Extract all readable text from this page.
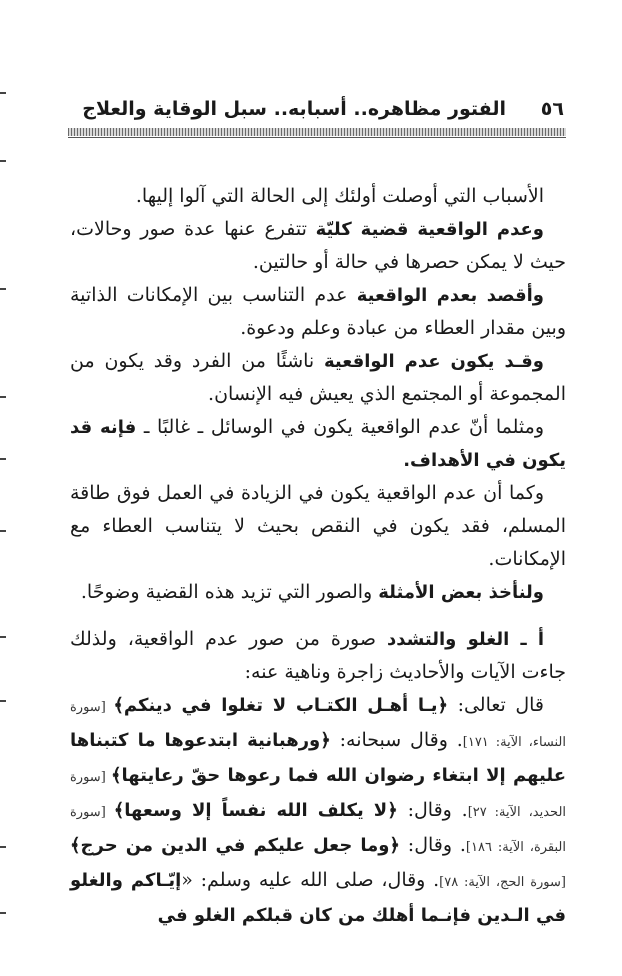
٥٦
الفتور مظاهره.. أسبابه.. سبل الوقاية والعلاج

الأسباب التي أوصلت أولئك إلى الحالة التي آلوا إليها.

وعدم الواقعية قضية كليّة تتفرع عنها عدة صور وحالات، حيث لا يمكن حصرها في حالة أو حالتين.

وأقصد بعدم الواقعية عدم التناسب بين الإمكانات الذاتية وبين مقدار العطاء من عبادة وعلم ودعوة.

وقـد يكون عدم الواقعية ناشئًا من الفرد وقد يكون من المجموعة أو المجتمع الذي يعيش فيه الإنسان.

ومثلما أنّ عدم الواقعية يكون في الوسائل ـ غالبًا ـ فإنه قد يكون في الأهداف.

وكما أن عدم الواقعية يكون في الزيادة في العمل فوق طاقة المسلم، فقد يكون في النقص بحيث لا يتناسب العطاء مع الإمكانات.

ولنأخذ بعض الأمثلة والصور التي تزيد هذه القضية وضوحًا.

أ ـ الغلو والتشدد صورة من صور عدم الواقعية، ولذلك جاءت الآيات والأحاديث زاجرة وناهية عنه:

قال تعالى: ﴿يـا أهـل الكتـاب لا تغلوا في دينكم﴾ [سورة النساء، الآية: ١٧١]. وقال سبحانه: ﴿ورهبانية ابتدعوها ما كتبناها عليهم إلا ابتغاء رضوان الله فما رعوها حقّ رعايتها﴾ [سورة الحديد، الآية: ٢٧]. وقال: ﴿لا يكلف الله نفساً إلا وسعها﴾ [سورة البقرة، الآية: ١٨٦]. وقال: ﴿وما جعل عليكم في الدين من حرج﴾ [سورة الحج، الآية: ٧٨]. وقال، صلى الله عليه وسلم: «إيّـاكم والغلو في الـدين فإنـما أهلك من كان قبلكم الغلو في
